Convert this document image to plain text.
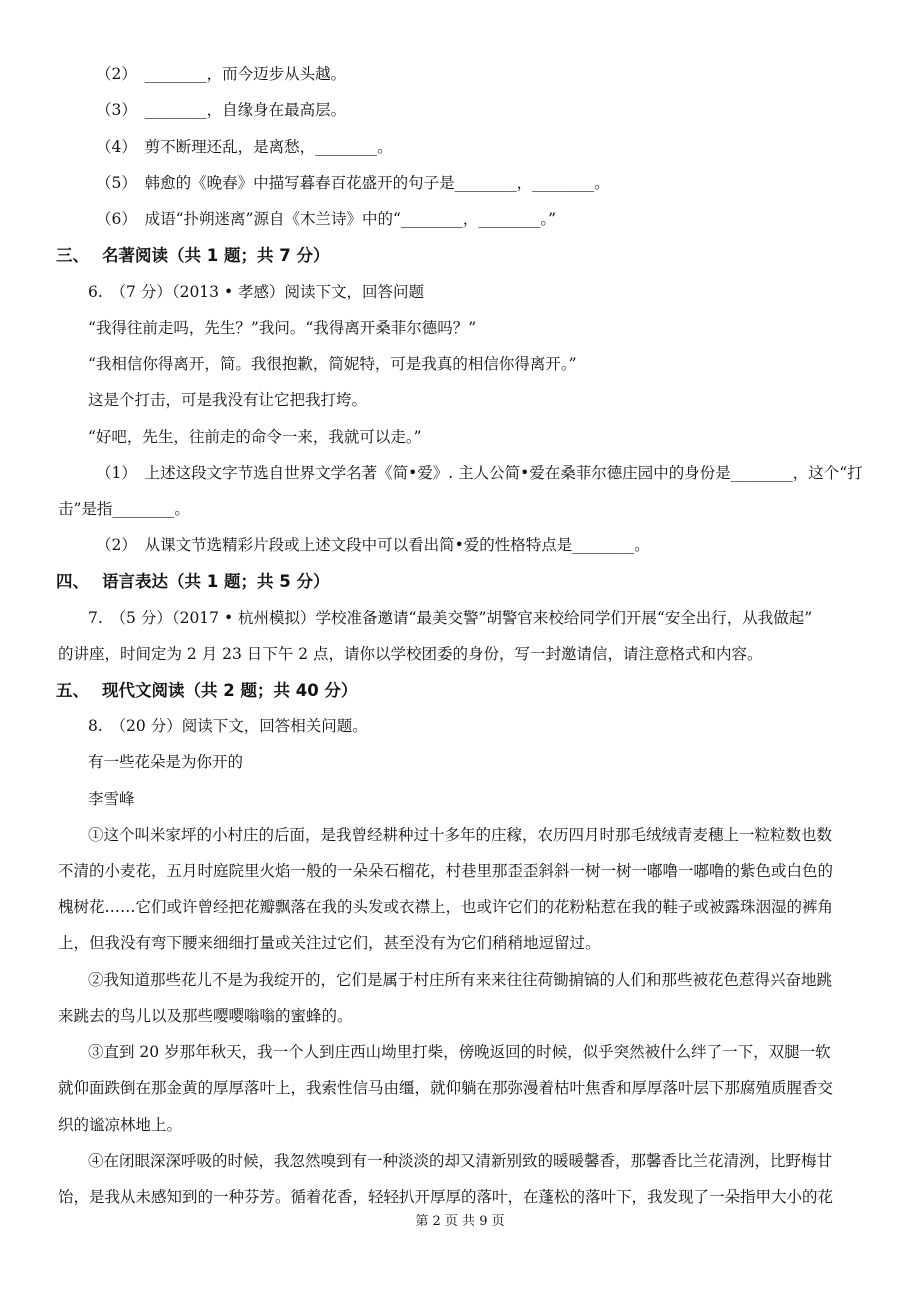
（2）　________，而今迈步从头越。
（3）　________，自缘身在最高层。
（4）　剪不断理还乱，是离愁，________。
（5）　韩愈的《晚春》中描写暮春百花盛开的句子是________，________。
（6）　成语“扑朔迷离”源自《木兰诗》中的“________，________。”
三、 名著阅读（共 1 题；共 7 分）
6.　（7 分）（2013 • 孝感）阅读下文，回答问题
“我得往前走吗，先生？”我问。“我得离开桑菲尔德吗？”
“我相信你得离开，简。我很抱歉，简妮特，可是我真的相信你得离开。”
这是个打击，可是我没有让它把我打垮。
“好吧，先生，往前走的命令一来，我就可以走。”
（1）　上述这段文字节选自世界文学名著《简•爱》. 主人公简•爱在桑菲尔德庄园中的身份是________，这个“打
击”是指________。
（2）　从课文节选精彩片段或上述文段中可以看出简•爱的性格特点是________。
四、 语言表达（共 1 题；共 5 分）
7.　（5 分）（2017 • 杭州模拟）学校准备邀请“最美交警”胡警官来校给同学们开展“安全出行，从我做起”
的讲座，时间定为 2 月 23 日下午 2 点，请你以学校团委的身份，写一封邀请信，请注意格式和内容。
五、 现代文阅读（共 2 题；共 40 分）
8.　（20 分）阅读下文，回答相关问题。
有一些花朵是为你开的
李雪峰
①这个叫米家坪的小村庄的后面，是我曾经耕种过十多年的庄稼，农历四月时那毛绒绒青麦穗上一粒粒数也数
不清的小麦花，五月时庭院里火焰一般的一朵朵石榴花，村巷里那歪歪斜斜一树一树一嘟噜一嘟噜的紫色或白色的
槐树花……它们或许曾经把花瓣飘落在我的头发或衣襟上，也或许它们的花粉粘惹在我的鞋子或被露珠洇湿的裤角
上，但我没有弯下腰来细细打量或关注过它们，甚至没有为它们稍稍地逗留过。
②我知道那些花儿不是为我绽开的，它们是属于村庄所有来来往往荷锄掮镐的人们和那些被花色惹得兴奋地跳
来跳去的鸟儿以及那些嘤嘤嗡嗡的蜜蜂的。
③直到 20 岁那年秋天，我一个人到庄西山坳里打柴，傍晚返回的时候，似乎突然被什么绊了一下，双腿一软
就仰面跌倒在那金黄的厚厚落叶上，我索性信马由缰，就仰躺在那弥漫着枯叶焦香和厚厚落叶层下那腐殖质腥香交
织的谧凉林地上。
④在闭眼深深呼吸的时候，我忽然嗅到有一种淡淡的却又清新别致的暖暖馨香，那馨香比兰花清洌，比野梅甘
饴，是我从未感知到的一种芬芳。循着花香，轻轻扒开厚厚的落叶，在蓬松的落叶下，我发现了一朵指甲大小的花
第 2 页 共 9 页
